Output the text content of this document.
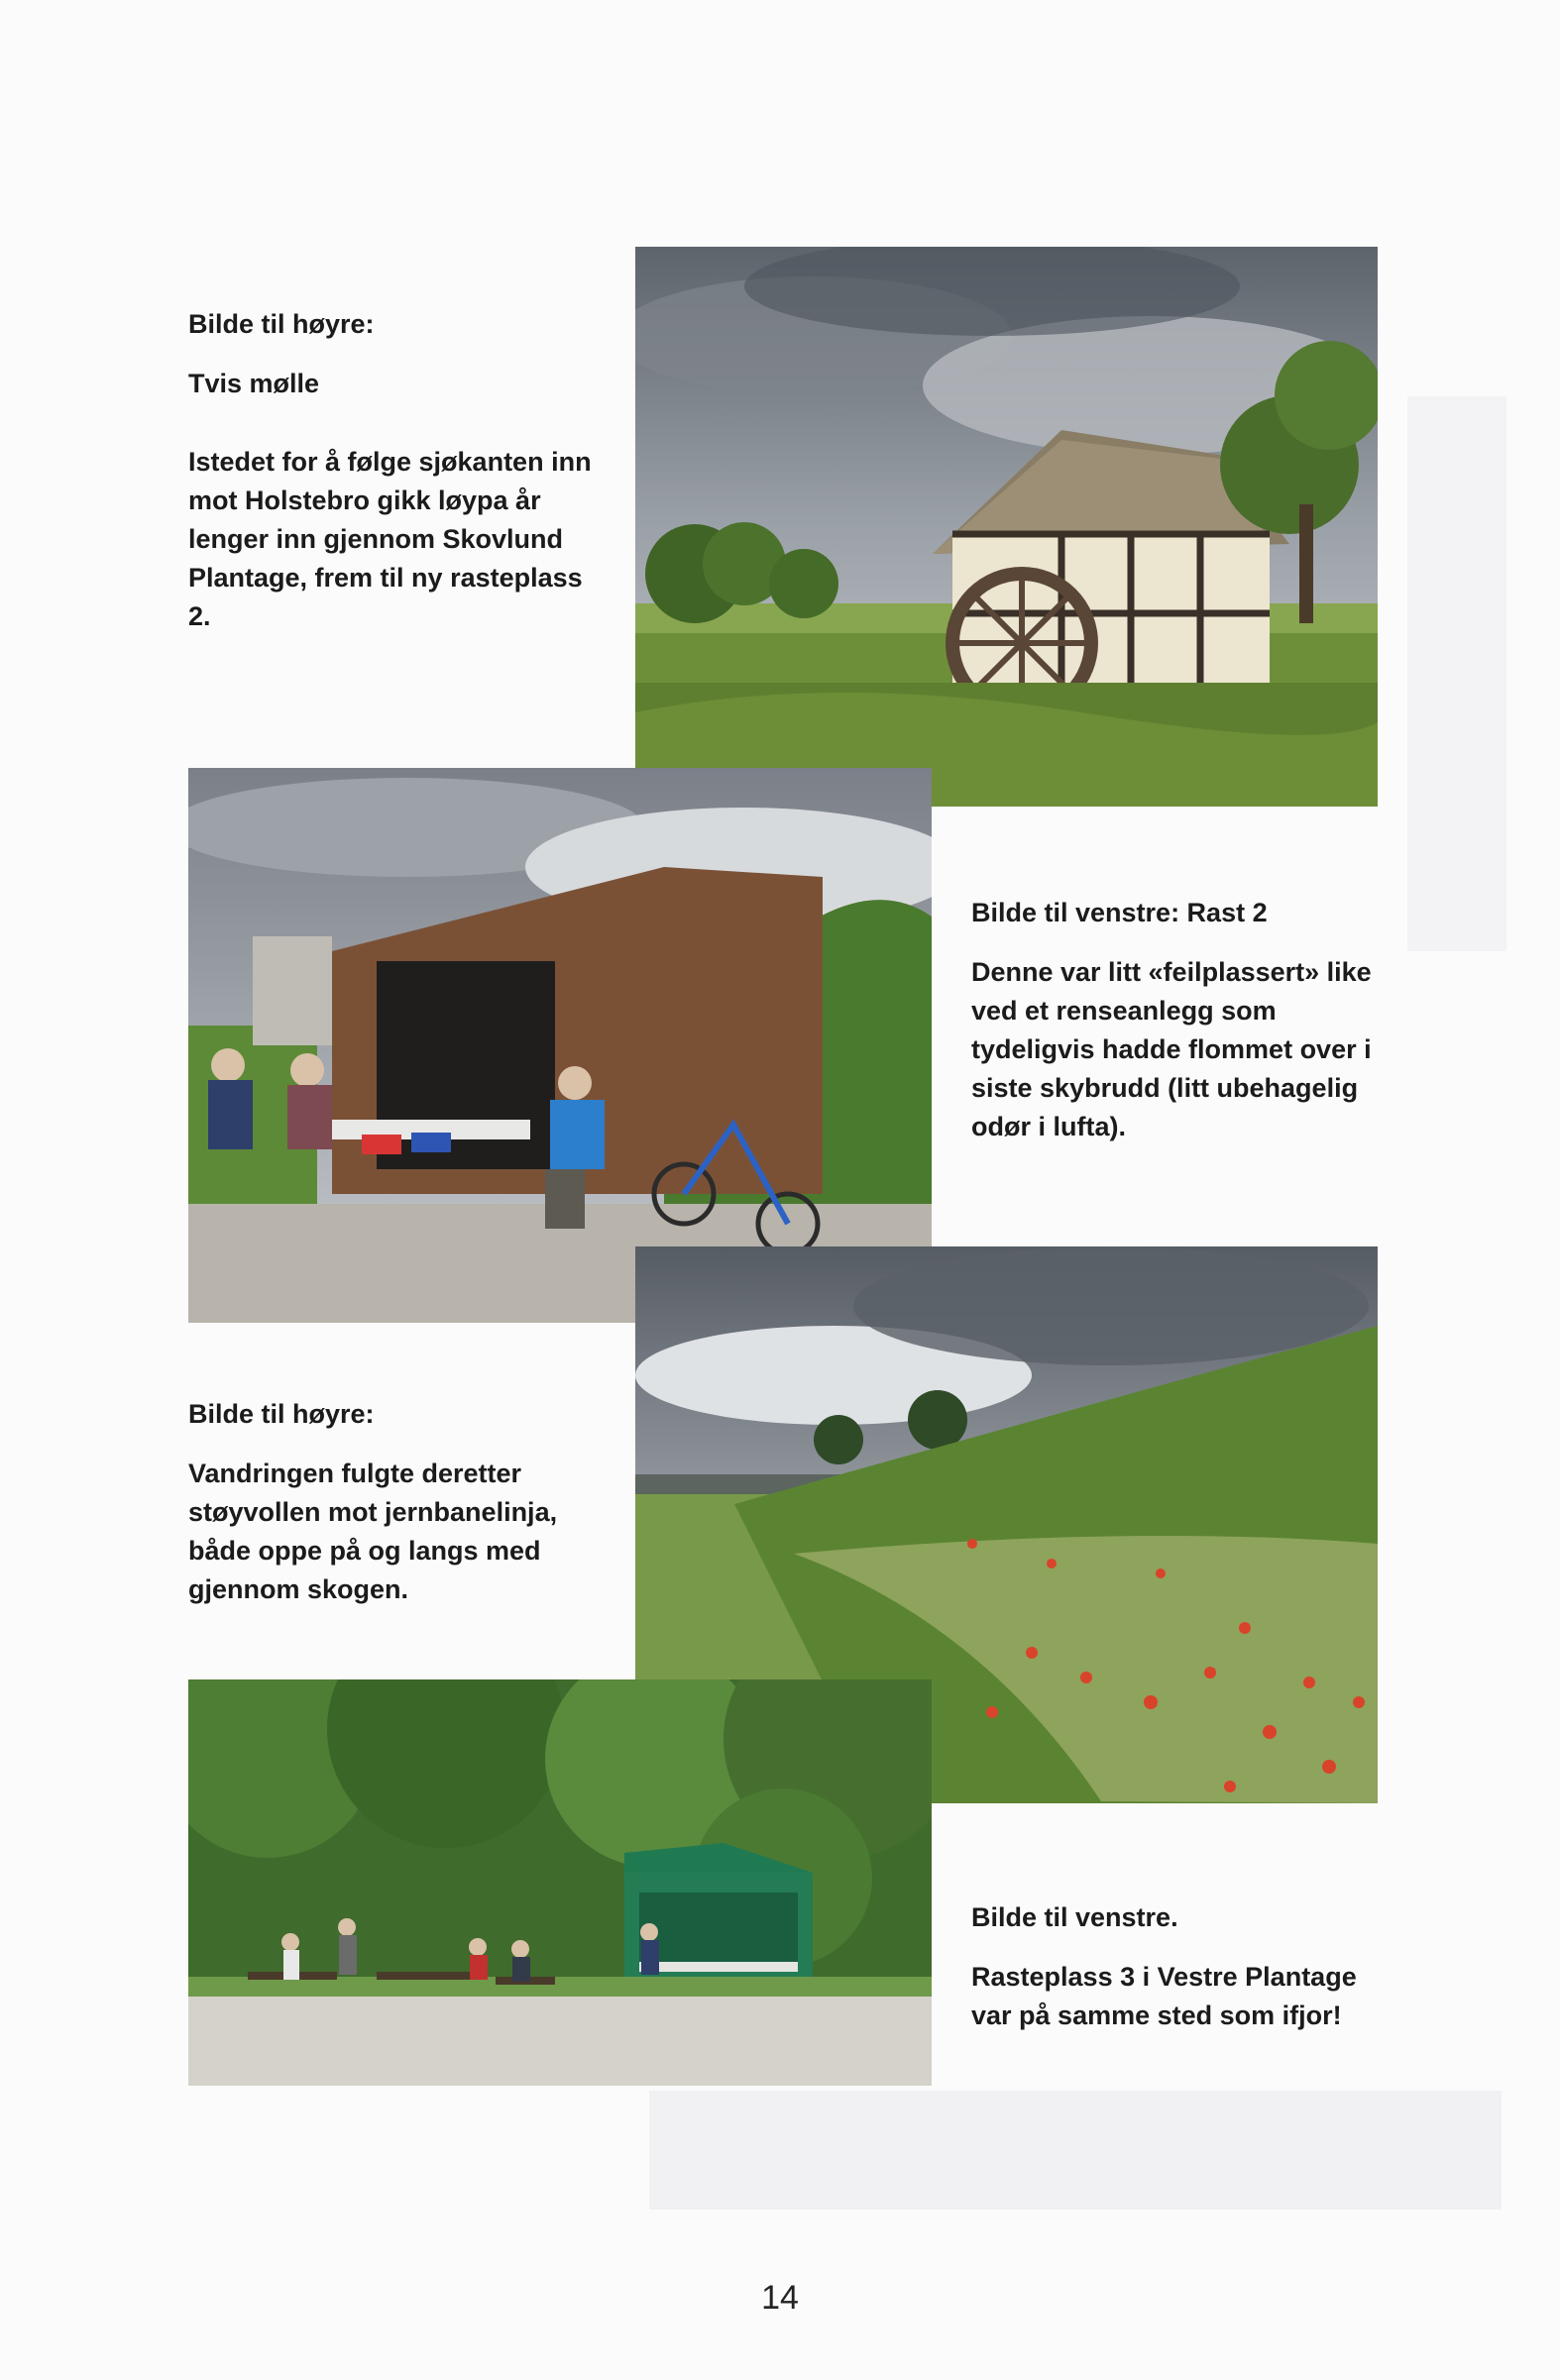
Bilde til høyre:

Tvis mølle

Istedet for å følge sjøkanten inn mot Holstebro gikk løypa år lenger inn gjennom Skovlund Plantage, frem til ny rasteplass 2.

Bilde til venstre: Rast 2

Denne var litt «feilplassert» like ved et renseanlegg som tydeligvis hadde flommet over i siste skybrudd (litt ubehagelig odør i lufta).

Bilde til høyre:

Vandringen fulgte deretter støyvollen mot jernbanelinja, både oppe på og langs med gjennom skogen.

Bilde til venstre.

Rasteplass 3 i Vestre Plantage var på samme sted som ifjor!

14
